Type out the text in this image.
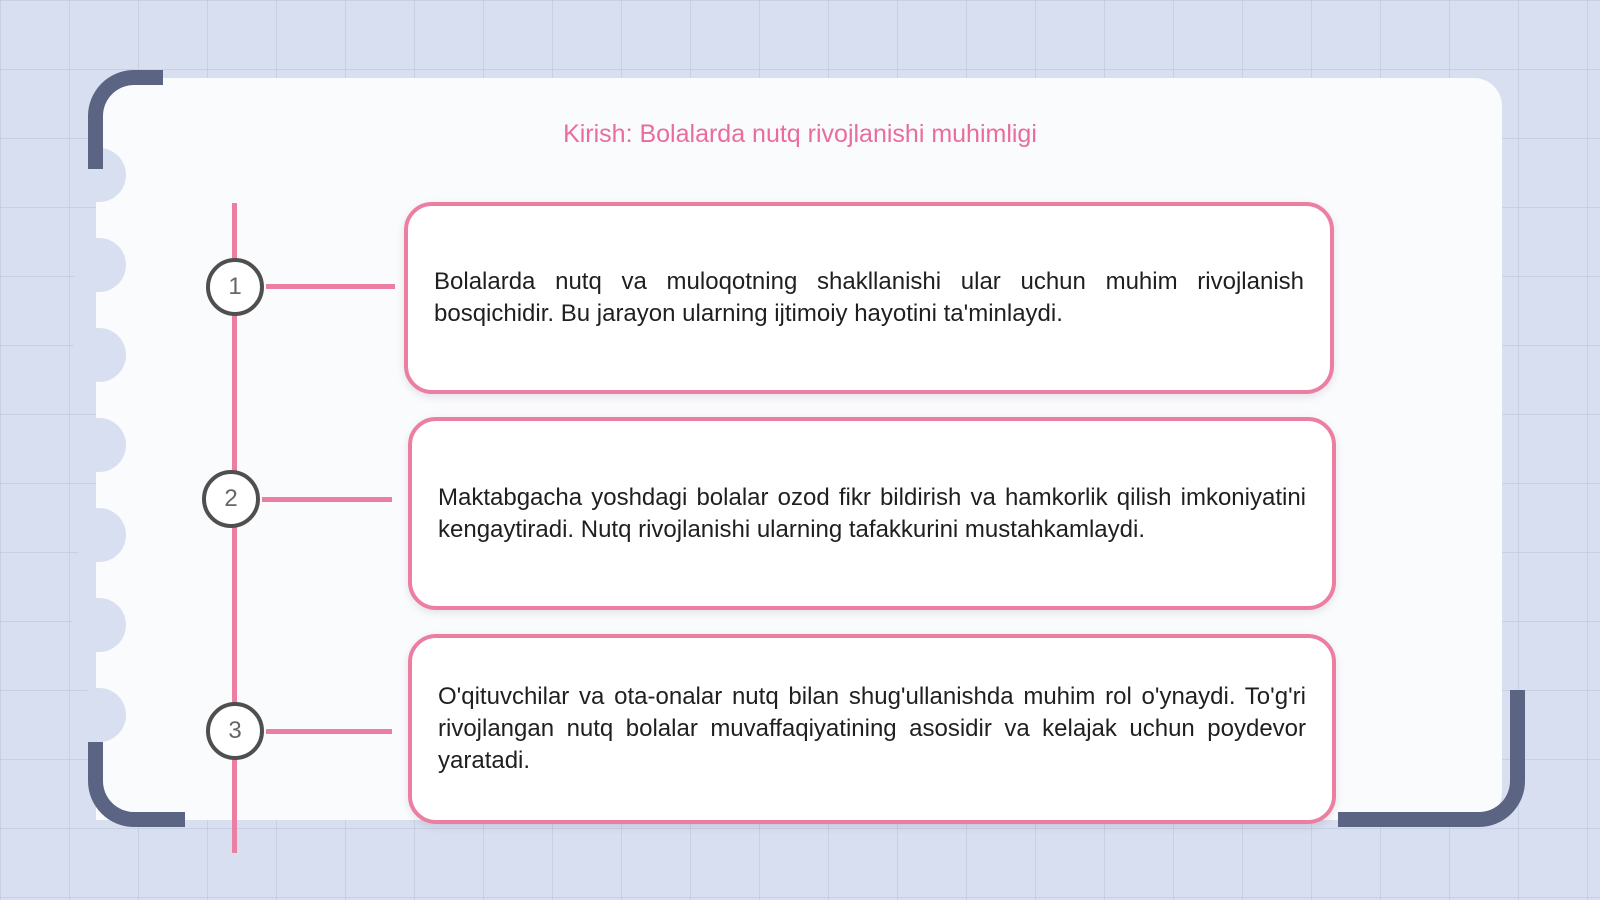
Kirish: Bolalarda nutq rivojlanishi muhimligi
1
2
3

Bolalarda nutq va muloqotning shakllanishi ular uchun muhim rivojlanish bosqichidir. Bu jarayon ularning ijtimoiy hayotini ta'minlaydi.

Maktabgacha yoshdagi bolalar ozod fikr bildirish va hamkorlik qilish imkoniyatini kengaytiradi. Nutq rivojlanishi ularning tafakkurini mustahkamlaydi.

O'qituvchilar va ota-onalar nutq bilan shug'ullanishda muhim rol o'ynaydi. To'g'ri rivojlangan nutq bolalar muvaffaqiyatining asosidir va kelajak uchun poydevor yaratadi.
